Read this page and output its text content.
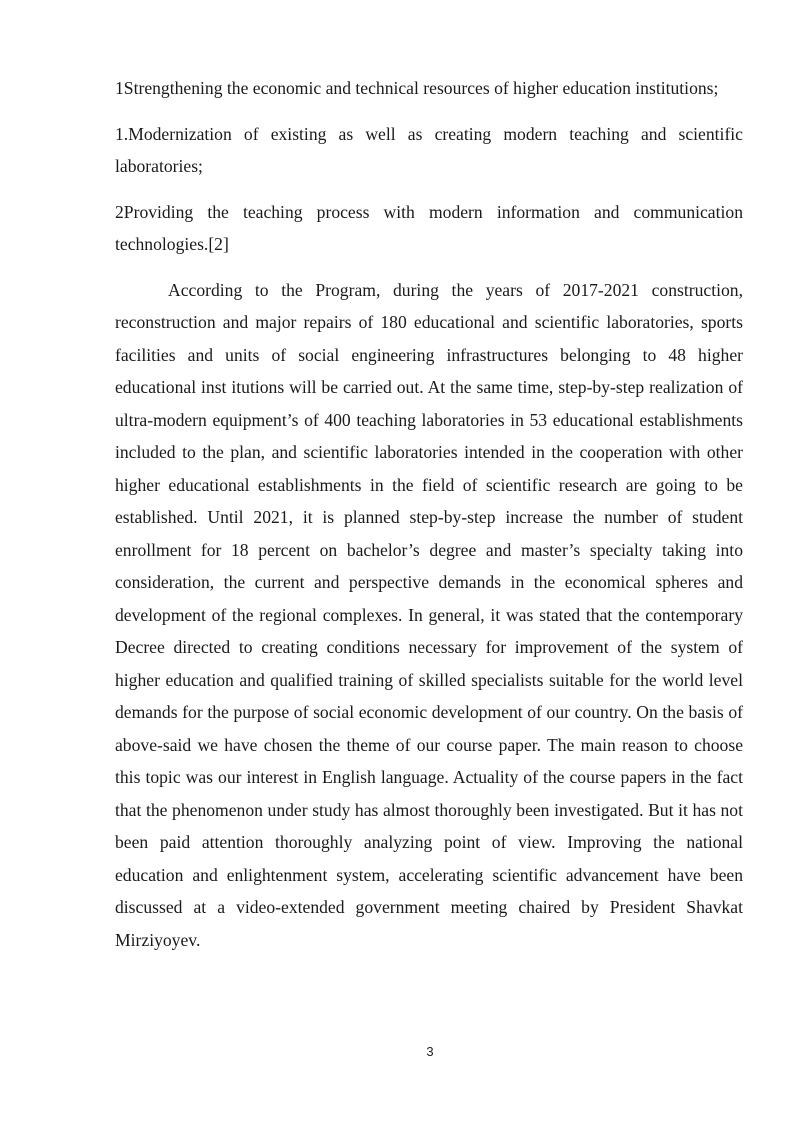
1Strengthening the economic and technical resources of higher education institutions;

1.Modernization of existing as well as creating modern teaching and scientific laboratories;

2Providing the teaching process with modern information and communication technologies.[2]

According to the Program, during the years of 2017-2021 construction, reconstruction and major repairs of 180 educational and scientific laboratories, sports facilities and units of social engineering infrastructures belonging to 48 higher educational inst itutions will be carried out. At the same time, step-by-step realization of ultra-modern equipment’s of 400 teaching laboratories in 53 educational establishments included to the plan, and scientific laboratories intended in the cooperation with other higher educational establishments in the field of scientific research are going to be established. Until 2021, it is planned step-by-step increase the number of student enrollment for 18 percent on bachelor’s degree and master’s specialty taking into consideration, the current and perspective demands in the economical spheres and development of the regional complexes. In general, it was stated that the contemporary Decree directed to creating conditions necessary for improvement of the system of higher education and qualified training of skilled specialists suitable for the world level demands for the purpose of social economic development of our country. On the basis of above-said we have chosen the theme of our course paper. The main reason to choose this topic was our interest in English language. Actuality of the course papers in the fact that the phenomenon under study has almost thoroughly been investigated. But it has not been paid attention thoroughly analyzing point of view. Improving the national education and enlightenment system, accelerating scientific advancement have been discussed at a video-extended government meeting chaired by President Shavkat Mirziyoyev.

3
